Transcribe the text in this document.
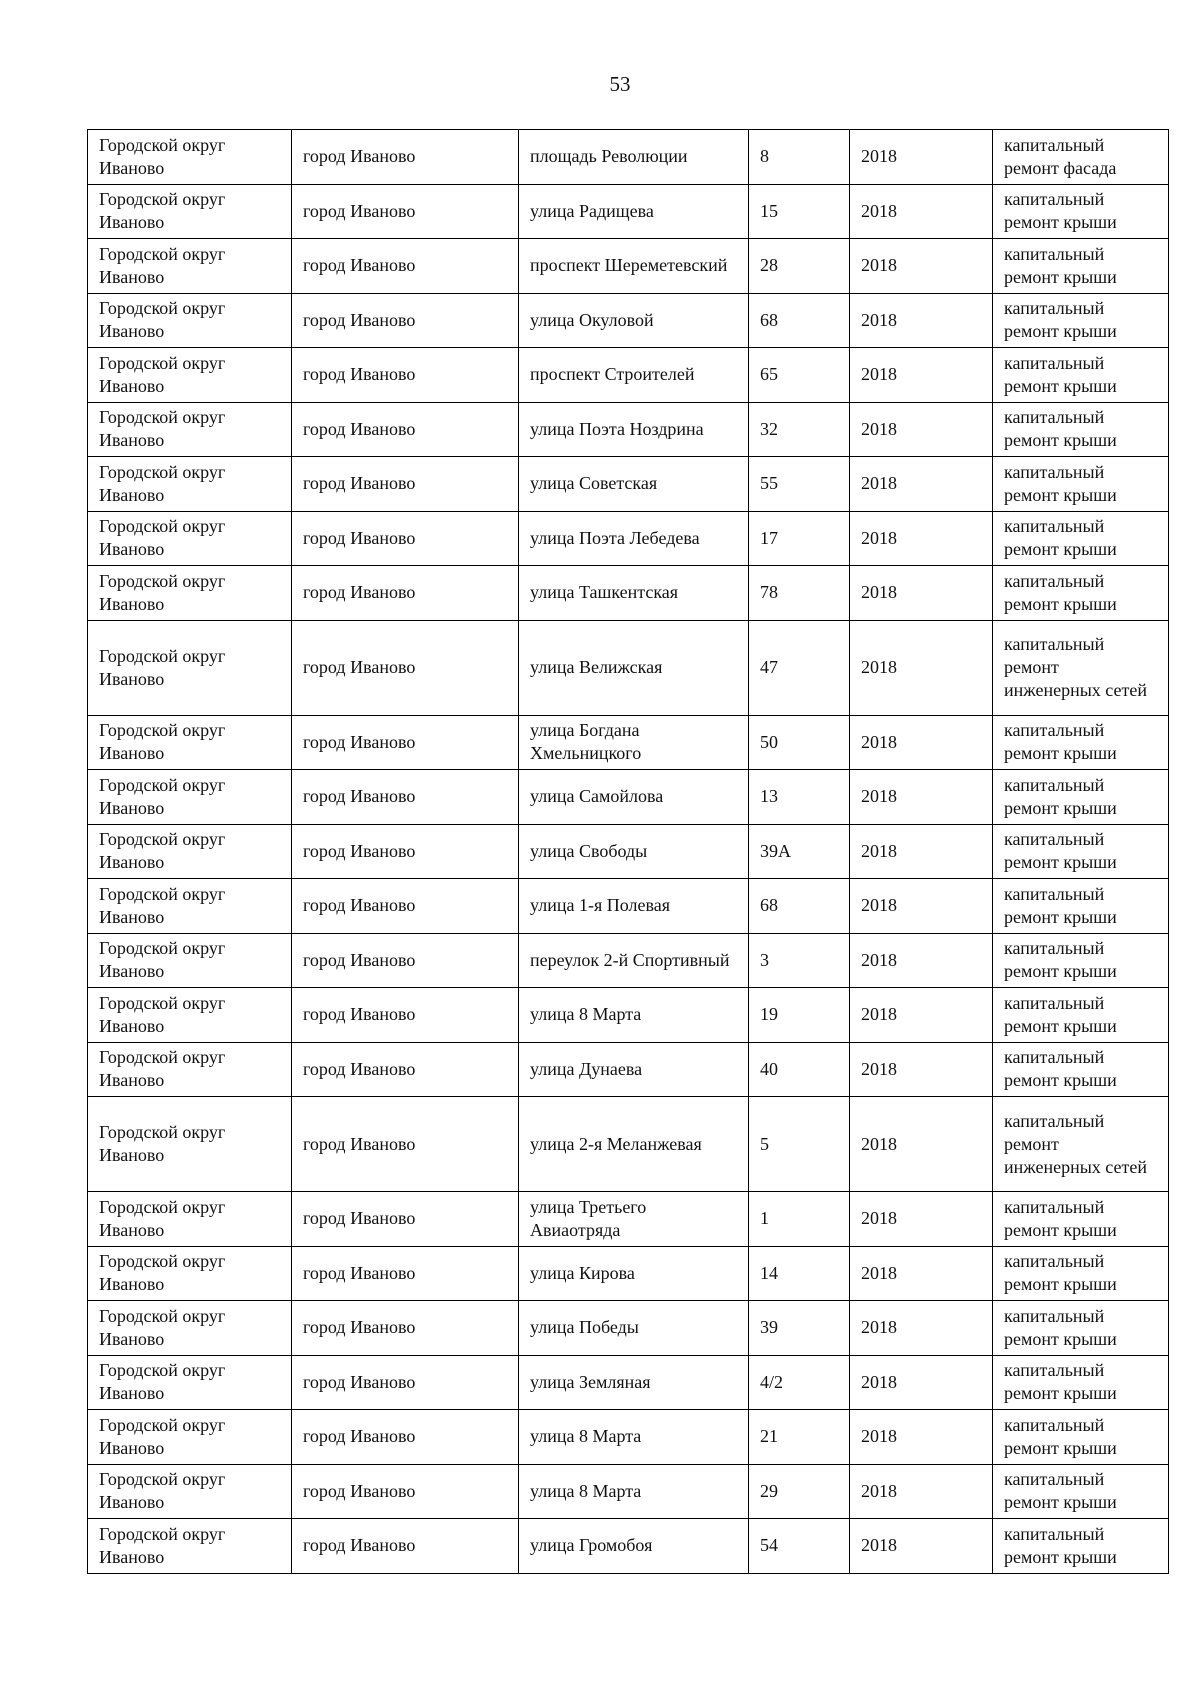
53
Городской округ Иваново	город Иваново	площадь Революции	8	2018	капитальный ремонт фасада
Городской округ Иваново	город Иваново	улица Радищева	15	2018	капитальный ремонт крыши
Городской округ Иваново	город Иваново	проспект Шереметевский	28	2018	капитальный ремонт крыши
Городской округ Иваново	город Иваново	улица Окуловой	68	2018	капитальный ремонт крыши
Городской округ Иваново	город Иваново	проспект Строителей	65	2018	капитальный ремонт крыши
Городской округ Иваново	город Иваново	улица Поэта Ноздрина	32	2018	капитальный ремонт крыши
Городской округ Иваново	город Иваново	улица Советская	55	2018	капитальный ремонт крыши
Городской округ Иваново	город Иваново	улица Поэта Лебедева	17	2018	капитальный ремонт крыши
Городской округ Иваново	город Иваново	улица Ташкентская	78	2018	капитальный ремонт крыши
Городской округ Иваново	город Иваново	улица Велижская	47	2018	капитальный ремонт инженерных сетей
Городской округ Иваново	город Иваново	улица Богдана Хмельницкого	50	2018	капитальный ремонт крыши
Городской округ Иваново	город Иваново	улица Самойлова	13	2018	капитальный ремонт крыши
Городской округ Иваново	город Иваново	улица Свободы	39А	2018	капитальный ремонт крыши
Городской округ Иваново	город Иваново	улица 1-я Полевая	68	2018	капитальный ремонт крыши
Городской округ Иваново	город Иваново	переулок 2-й Спортивный	3	2018	капитальный ремонт крыши
Городской округ Иваново	город Иваново	улица 8 Марта	19	2018	капитальный ремонт крыши
Городской округ Иваново	город Иваново	улица Дунаева	40	2018	капитальный ремонт крыши
Городской округ Иваново	город Иваново	улица 2-я Меланжевая	5	2018	капитальный ремонт инженерных сетей
Городской округ Иваново	город Иваново	улица Третьего Авиаотряда	1	2018	капитальный ремонт крыши
Городской округ Иваново	город Иваново	улица Кирова	14	2018	капитальный ремонт крыши
Городской округ Иваново	город Иваново	улица Победы	39	2018	капитальный ремонт крыши
Городской округ Иваново	город Иваново	улица Земляная	4/2	2018	капитальный ремонт крыши
Городской округ Иваново	город Иваново	улица 8 Марта	21	2018	капитальный ремонт крыши
Городской округ Иваново	город Иваново	улица 8 Марта	29	2018	капитальный ремонт крыши
Городской округ Иваново	город Иваново	улица Громобоя	54	2018	капитальный ремонт крыши
